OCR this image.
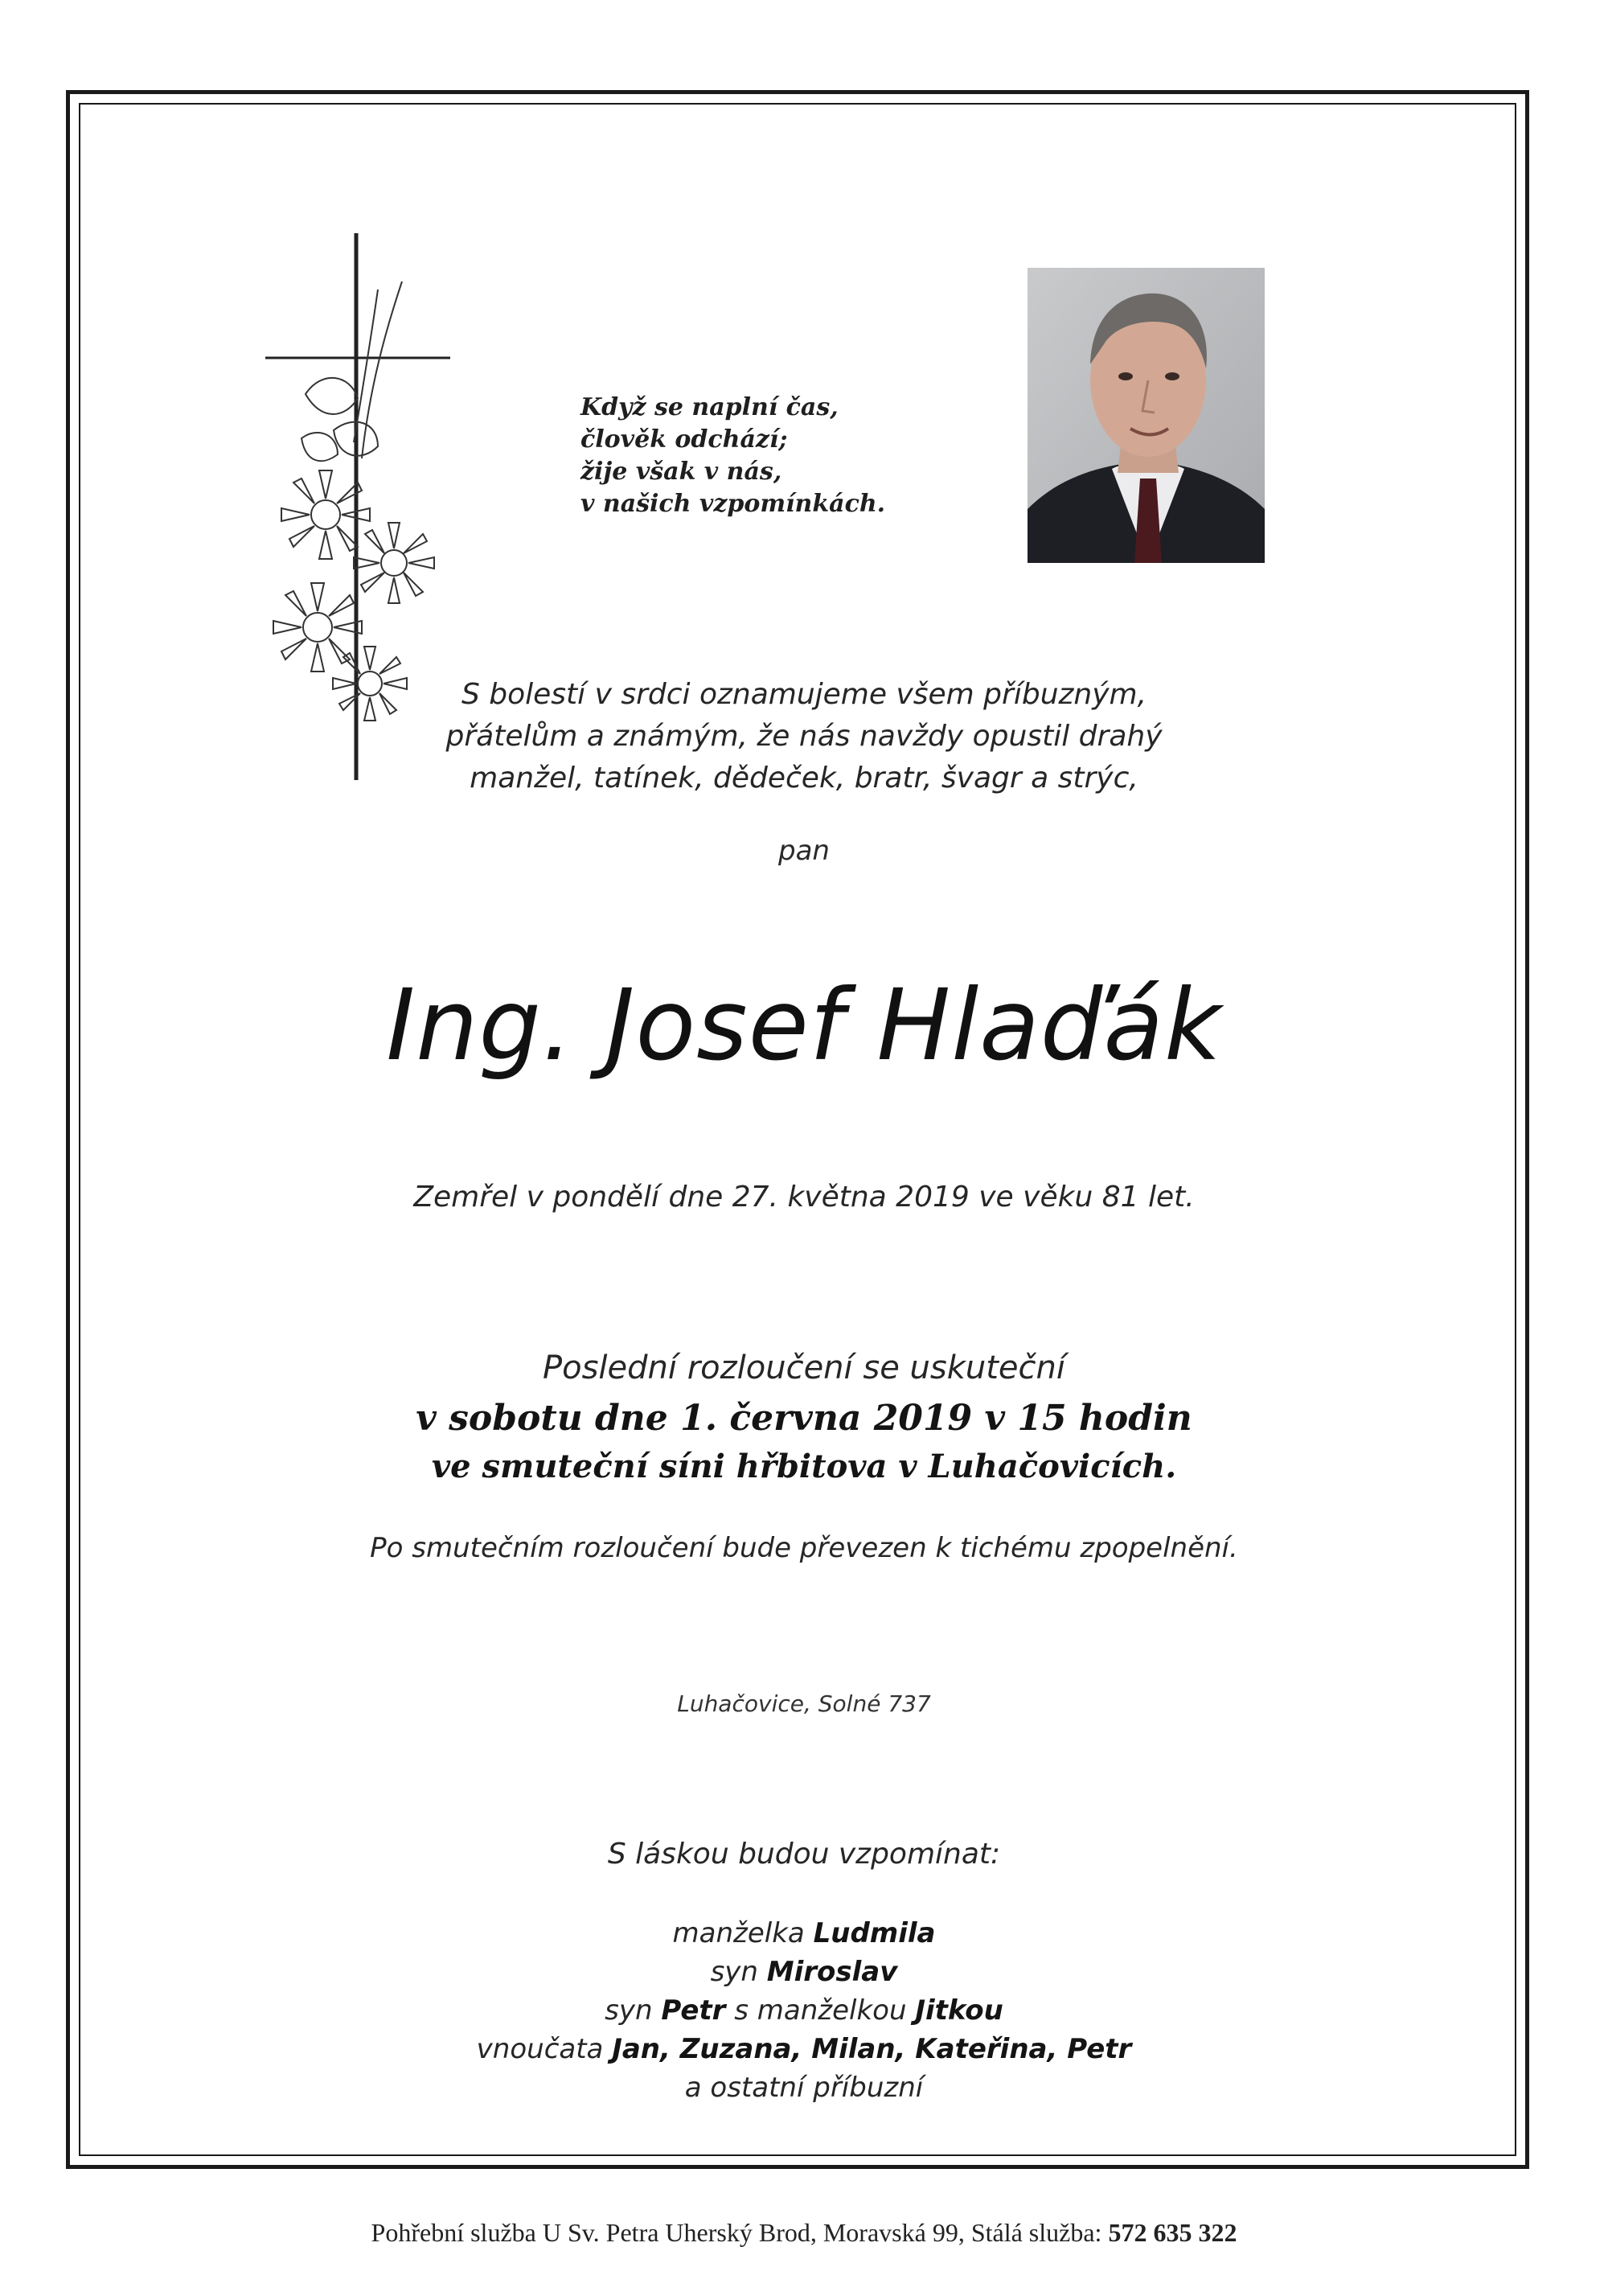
Když se naplní čas,
člověk odchází;
žije však v nás,
v našich vzpomínkách.
S bolestí v srdci oznamujeme všem příbuzným,
přátelům a známým, že nás navždy opustil drahý
manžel, tatínek, dědeček, bratr, švagr a strýc,
pan
Ing. Josef Hlaďák
Zemřel v pondělí dne 27. května 2019 ve věku 81 let.
Poslední rozloučení se uskuteční
v sobotu dne 1. června 2019 v 15 hodin
ve smuteční síni hřbitova v Luhačovicích.
Po smutečním rozloučení bude převezen k tichému zpopelnění.
Luhačovice, Solné 737
S láskou budou vzpomínat:
manželka Ludmila
syn Miroslav
syn Petr s manželkou Jitkou
vnoučata Jan, Zuzana, Milan, Kateřina, Petr
a ostatní příbuzní
Pohřební služba U Sv. Petra Uherský Brod, Moravská 99, Stálá služba: 572 635 322
